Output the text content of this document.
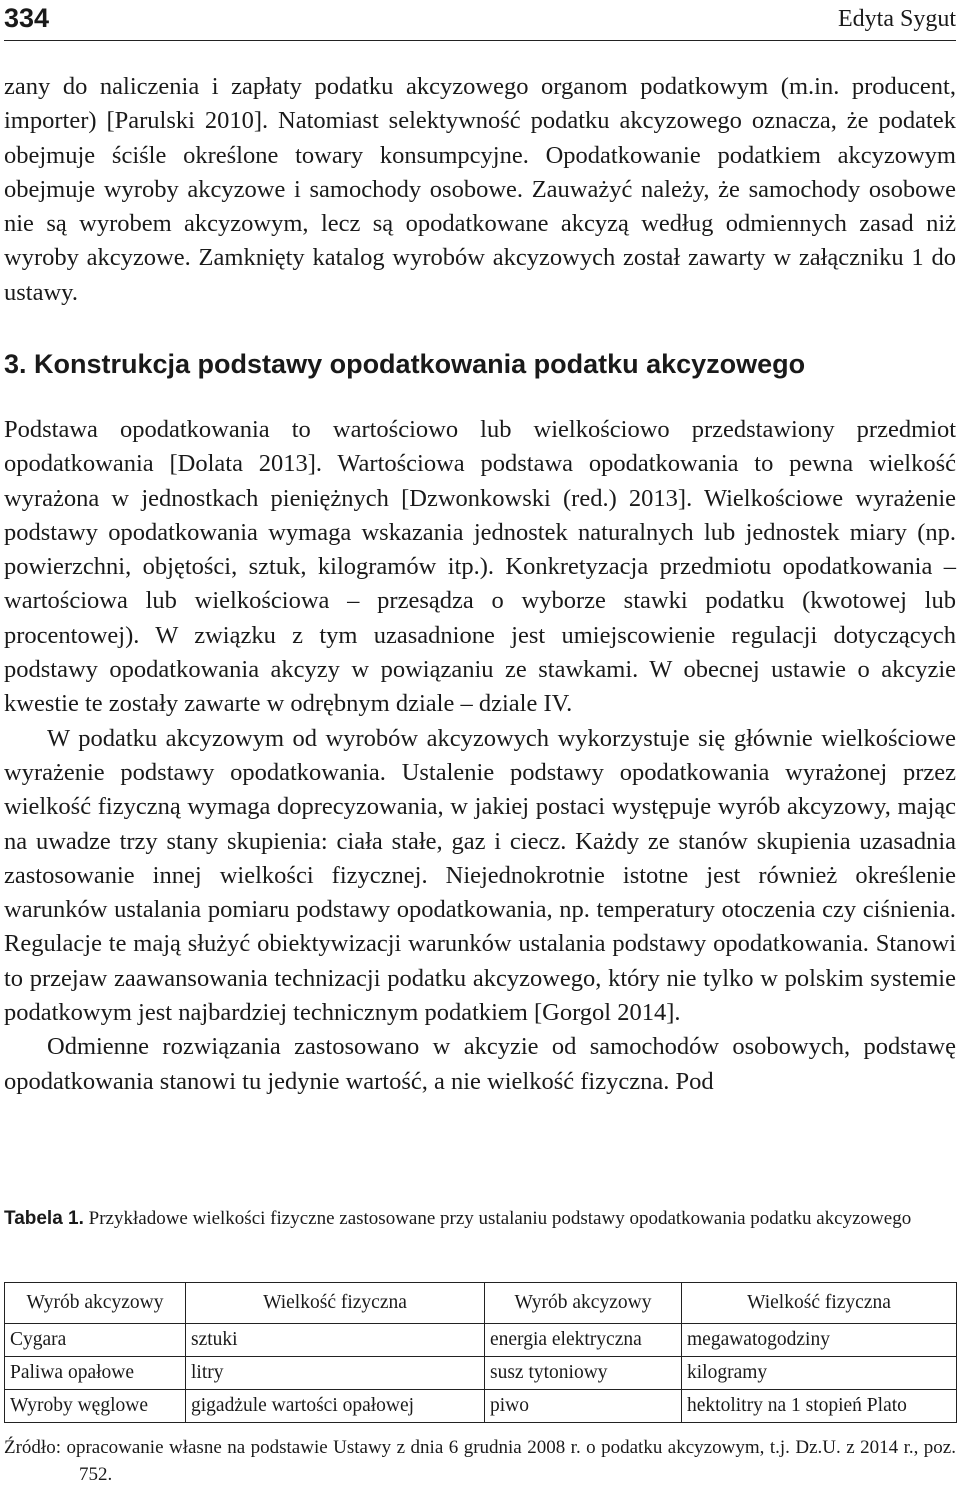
334	Edyta Sygut

zany do naliczenia i zapłaty podatku akcyzowego organom podatkowym (m.in. producent, importer) [Parulski 2010]. Natomiast selektywność podatku akcyzowego oznacza, że podatek obejmuje ściśle określone towary konsumpcyjne. Opodatkowanie podatkiem akcyzowym obejmuje wyroby akcyzowe i samochody osobowe. Zauważyć należy, że samochody osobowe nie są wyrobem akcyzowym, lecz są opodatkowane akcyzą według odmiennych zasad niż wyroby akcyzowe. Zamknięty katalog wyrobów akcyzowych został zawarty w załączniku 1 do ustawy.

3. Konstrukcja podstawy opodatkowania podatku akcyzowego

Podstawa opodatkowania to wartościowo lub wielkościowo przedstawiony przedmiot opodatkowania [Dolata 2013]. Wartościowa podstawa opodatkowania to pewna wielkość wyrażona w jednostkach pieniężnych [Dzwonkowski (red.) 2013]. Wielkościowe wyrażenie podstawy opodatkowania wymaga wskazania jednostek naturalnych lub jednostek miary (np. powierzchni, objętości, sztuk, kilogramów itp.). Konkretyzacja przedmiotu opodatkowania – wartościowa lub wielkościowa – przesądza o wyborze stawki podatku (kwotowej lub procentowej). W związku z tym uzasadnione jest umiejscowienie regulacji dotyczących podstawy opodatkowania akcyzy w powiązaniu ze stawkami. W obecnej ustawie o akcyzie kwestie te zostały zawarte w odrębnym dziale – dziale IV.

W podatku akcyzowym od wyrobów akcyzowych wykorzystuje się głównie wielkościowe wyrażenie podstawy opodatkowania. Ustalenie podstawy opodatkowania wyrażonej przez wielkość fizyczną wymaga doprecyzowania, w jakiej postaci występuje wyrób akcyzowy, mając na uwadze trzy stany skupienia: ciała stałe, gaz i ciecz. Każdy ze stanów skupienia uzasadnia zastosowanie innej wielkości fizycznej. Niejednokrotnie istotne jest również określenie warunków ustalania pomiaru podstawy opodatkowania, np. temperatury otoczenia czy ciśnienia. Regulacje te mają służyć obiektywizacji warunków ustalania podstawy opodatkowania. Stanowi to przejaw zaawansowania technizacji podatku akcyzowego, który nie tylko w polskim systemie podatkowym jest najbardziej technicznym podatkiem [Gorgol 2014].

Odmienne rozwiązania zastosowano w akcyzie od samochodów osobowych, podstawę opodatkowania stanowi tu jedynie wartość, a nie wielkość fizyczna. Pod

Tabela 1. Przykładowe wielkości fizyczne zastosowane przy ustalaniu podstawy opodatkowania podatku akcyzowego
Wyrób akcyzowy	Wielkość fizyczna	Wyrób akcyzowy	Wielkość fizyczna
Cygara	sztuki	energia elektryczna	megawatogodziny
Paliwa opałowe	litry	susz tytoniowy	kilogramy
Wyroby węglowe	gigadżule wartości opałowej	piwo	hektolitry na 1 stopień Plato
Źródło: opracowanie własne na podstawie Ustawy z dnia 6 grudnia 2008 r. o podatku akcyzowym, t.j. Dz.U. z 2014 r., poz. 752.
